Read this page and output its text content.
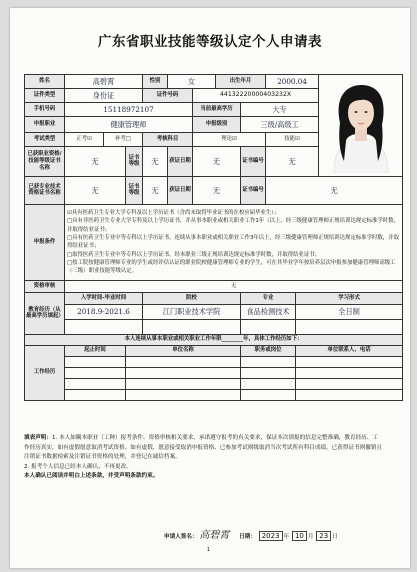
广东省职业技能等级认定个人申请表
姓名	高碧霄			性别	女		出生年月		2000.04	
证件类型	身份证			证件号码		44132220000403232X					
手机号码	15118972107					当前最高学历		大专			
申报职业	健康管理师					申报级别		三级/高级工			
考试类型	正考☑	补考□		考核科目		理论☑			技能☑		
已获职业资格/技能等级证书名称	无		证书等级	无	获证日期	无		证书编号	无		
已获专业技术资格证书名称	无		证书等级	无	获证日期	无		证书编号	无		
申报条件	☑具有医药卫生专业大学专科及以上学历证书（含尚未取得毕业证书的在校应届毕业生）；
□具有非医药卫生专业大学专科及以上学历证书，并从事本职业或相关职业工作1年（以上，经三级健康管理师正规培训达规定标准学时数，并取得结业证书；
□具有医药卫生专业中等专科以上学历证书，连续从事本职业或相关职业工作3年以上，经三级健康管理师正规培训达规定标准学时数，并取得结业证书；
□取得医药卫生专业中等专科以上学历证书，经本职业三级正规培训达规定标准学时数，并取得结业证书；
□按工院按健康管理师专业的学生或经评估认证的职业院校健康管理师专业的学生，可在其毕业学年按培养层次申报参加健康管理师高级工（三级）职业技能等级认定。										

资格审核	无										
教育经历（从最高学历填起）	入学时间-毕业时间			院校				专业		学习形式	
	2018.9-2021.6			江门职业技术学院				食品检测技术		全日制	

本人连续从事本职业或相关职业工作年限________年，具体工作经历如下：											
工作经历	起止时间		单位名称					职务或岗位		单位联系人、电话	

填表声明：1. 本人如瞒本职业（工种）报考条件、资格审核相关要求，承诺遵守报考的有关要求，保证本次填报的信息完整准确，教育经历、工作经历真实，如有虚假愿意取消考试资格、如有虚假、愿意接受取消申报资格、已参加考试则级取消当次考试所有科目成绩，已获得证书则撤销且注销证书数据检索及注销证书资格的处理，并登记在诚信档案。
2. 报考个人信息已经本人确认，不再更改。
本人确认已阅读并明白上述条款，并受声明条款约束。
申请人签名： 高碧霄 日期： 2023 年 10 月 23 日
1
